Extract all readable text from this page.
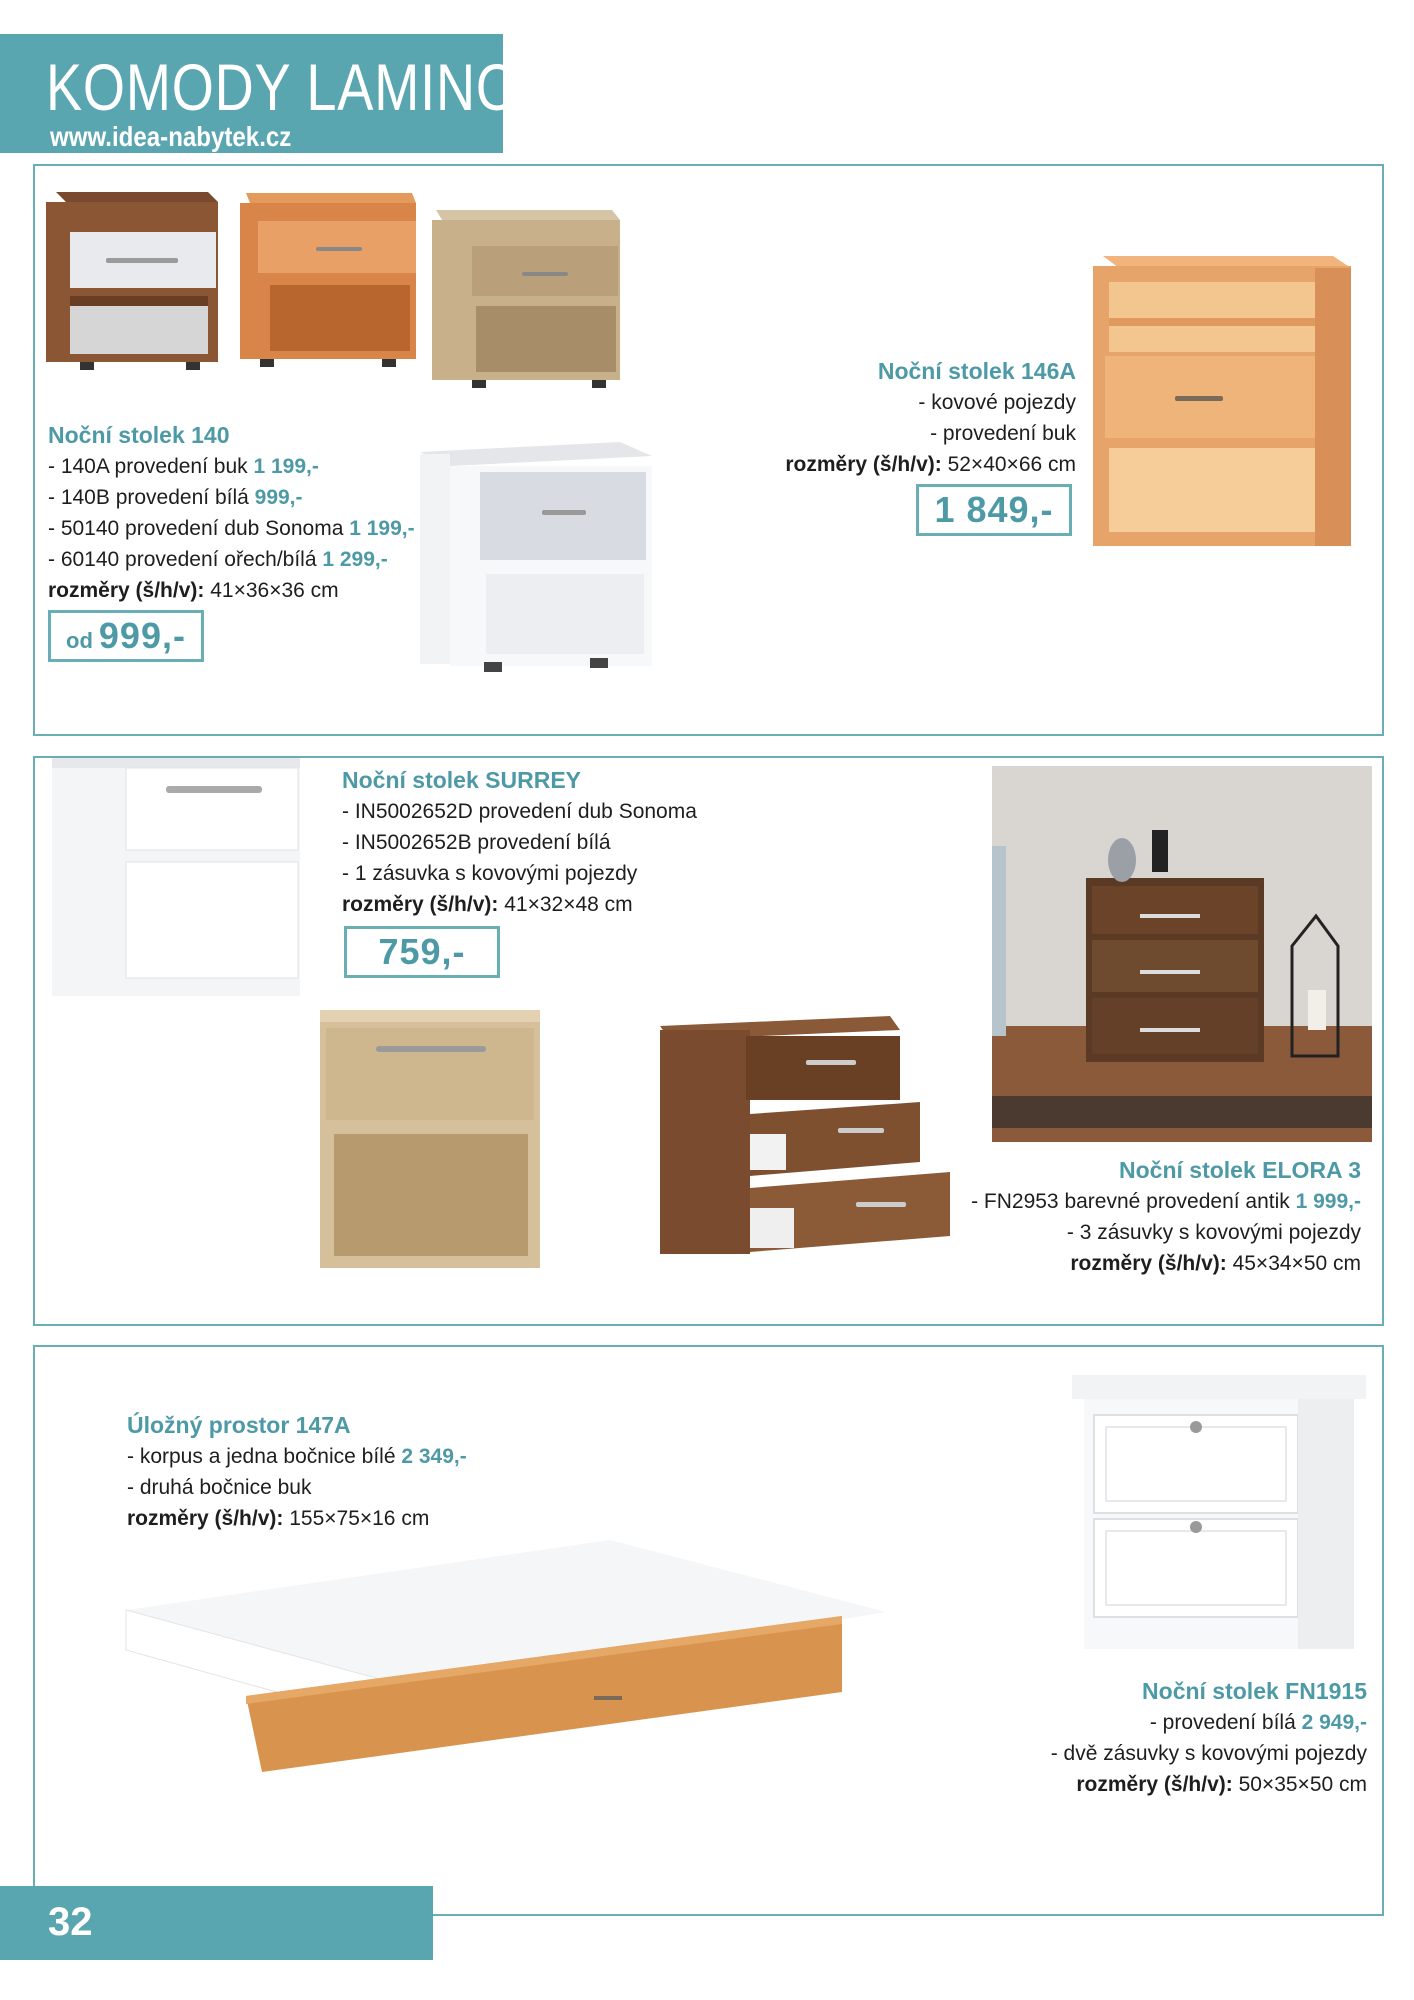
KOMODY LAMINO
www.idea-nabytek.cz
Noční stolek 140
- 140A provedení buk 1 199,-
- 140B provedení bílá 999,-
- 50140 provedení dub Sonoma 1 199,-
- 60140 provedení ořech/bílá 1 299,-
rozměry (š/h/v): 41×36×36 cm
od 999,-
Noční stolek 146A
- kovové pojezdy
- provedení buk
rozměry (š/h/v): 52×40×66 cm
1 849,-
Noční stolek SURREY
- IN5002652D provedení dub Sonoma
- IN5002652B provedení bílá
- 1 zásuvka s kovovými pojezdy
rozměry (š/h/v): 41×32×48 cm
759,-
Noční stolek ELORA 3
- FN2953 barevné provedení antik 1 999,-
- 3 zásuvky s kovovými pojezdy
rozměry (š/h/v): 45×34×50 cm
Úložný prostor 147A
- korpus a jedna bočnice bílé 2 349,-
- druhá bočnice buk
rozměry (š/h/v): 155×75×16 cm
Noční stolek FN1915
- provedení bílá 2 949,-
- dvě zásuvky s kovovými pojezdy
rozměry (š/h/v): 50×35×50 cm
32
